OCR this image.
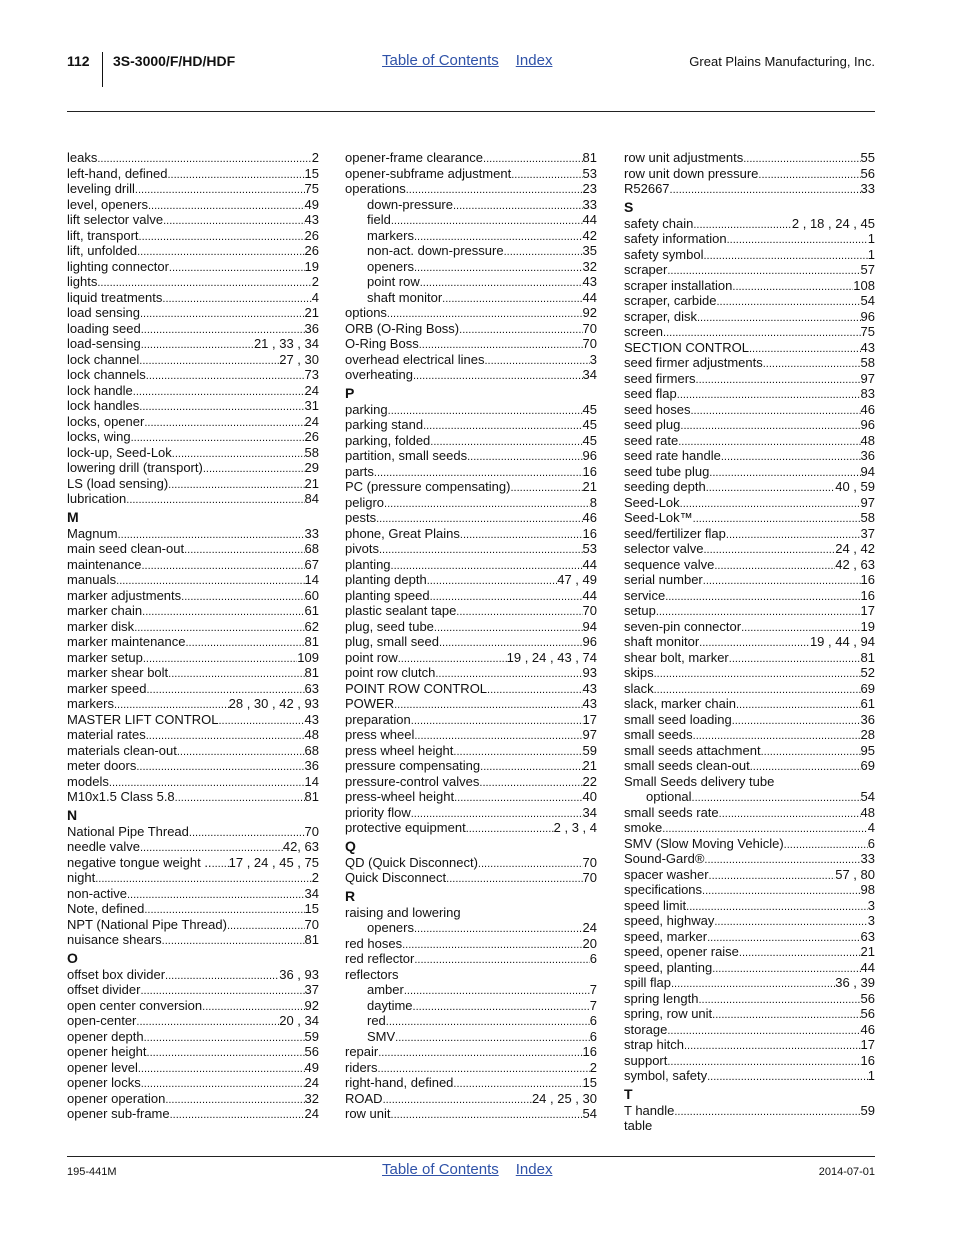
112 3S-3000/F/HD/HDF	Table of Contents Index	Great Plains Manufacturing, Inc.
leaks .....	2
left-hand, defined .....	15
leveling drill .....	75
level, openers .....	49
lift selector valve .....	43
lift, transport .....	26
lift, unfolded .....	26
lighting connector .....	19
lights .....	2
liquid treatments .....	4
load sensing .....	21
loading seed .....	36
load-sensing .....	21 , 33 , 34
lock channel .....	27 , 30
lock channels .....	73
lock handle .....	24
lock handles .....	31
locks, opener .....	24
locks, wing .....	26
lock-up, Seed-Lok .....	58
lowering drill (transport) .....	29
LS (load sensing) .....	21
lubrication .....	84
M
Magnum .....	33
main seed clean-out .....	68
maintenance .....	67
manuals .....	14
marker adjustments .....	60
marker chain .....	61
marker disk .....	62
marker maintenance .....	81
marker setup .....	109
marker shear bolt .....	81
marker speed .....	63
markers .....	28 , 30 , 42 , 93
MASTER LIFT CONTROL .....	43
material rates .....	48
materials clean-out .....	68
meter doors .....	36
models .....	14
M10x1.5 Class 5.8 .....	81
N
National Pipe Thread .....	70
needle valve .....	42, 63
negative tongue weight .. ..... 17 , 24 , 45 , 75
night .....	2
non-active .....	34
Note, defined .....	15
NPT (National Pipe Thread) .....	70
nuisance shears .....	81
O
offset box divider .....	36 , 93
offset divider .....	37
open center conversion .....	92
open-center .....	20 , 34
opener depth .....	59
opener height .....	56
opener level .....	49
opener locks .....	24
opener operation .....	32
opener sub-frame .....	24
opener-frame clearance .....	81
opener-subframe adjustment .....	53
operations .....	23
down-pressure .....	33
field .....	44
markers .....	42
non-act. down-pressure .....	35
openers .....	32
point row .....	43
shaft monitor .....	44
options .....	92
ORB (O-Ring Boss) .....	70
O-Ring Boss .....	70
overhead electrical lines .....	3
overheating .....	34
P
parking .....	45
parking stand .....	45
parking, folded .....	45
partition, small seeds .....	96
parts .....	16
PC (pressure compensating) .....	21
peligro .....	8
pests .....	46
phone, Great Plains .....	16
pivots .....	53
planting .....	44
planting depth .....	47 , 49
planting speed .....	44
plastic sealant tape .....	70
plug, seed tube .....	94
plug, small seed .....	96
point row .....	19 , 24 , 43 , 74
point row clutch .....	93
POINT ROW CONTROL .....	43
POWER .....	43
preparation .....	17
press wheel .....	97
press wheel height .....	59
pressure compensating .....	21
pressure-control valves .....	22
press-wheel height .....	40
priority flow .....	34
protective equipment .....	2 , 3 , 4
Q
QD (Quick Disconnect) .....	70
Quick Disconnect .....	70
R
raising and lowering
openers .....	24
red hoses .....	20
red reflector .....	6
reflectors
amber .....	7
daytime .....	7
red .....	6
SMV .....	6
repair .....	16
riders .....	2
right-hand, defined .....	15
ROAD .....	24 , 25 , 30
row unit .....	54
row unit adjustments .....	55
row unit down pressure .....	56
R52667 .....	33
S
safety chain .....	2 , 18 , 24 , 45
safety information .....	1
safety symbol .....	1
scraper .....	57
scraper installation .....	108
scraper, carbide .....	54
scraper, disk .....	96
screen .....	75
SECTION CONTROL .....	43
seed firmer adjustments .....	58
seed firmers .....	97
seed flap .....	83
seed hoses .....	46
seed plug .....	96
seed rate .....	48
seed rate handle .....	36
seed tube plug .....	94
seeding depth .....	40 , 59
Seed-Lok .....	97
Seed-Lok™ .....	58
seed/fertilizer flap .....	37
selector valve .....	24 , 42
sequence valve .....	42 , 63
serial number .....	16
service .....	16
setup .....	17
seven-pin connector .....	19
shaft monitor .....	19 , 44 , 94
shear bolt, marker .....	81
skips .....	52
slack .....	69
slack, marker chain .....	61
small seed loading .....	36
small seeds .....	28
small seeds attachment .....	95
small seeds clean-out .....	69
Small Seeds delivery tube
optional .....	54
small seeds rate .....	48
smoke .....	4
SMV (Slow Moving Vehicle) .....	6
Sound-Gard® .....	33
spacer washer .....	57 , 80
specifications .....	98
speed limit .....	3
speed, highway .....	3
speed, marker .....	63
speed, opener raise .....	21
speed, planting .....	44
spill flap .....	36 , 39
spring length .....	56
spring, row unit .....	56
storage .....	46
strap hitch .....	17
support .....	16
symbol, safety .....	1
T
T handle .....	59
table
195-441M	Table of Contents Index	2014-07-01
